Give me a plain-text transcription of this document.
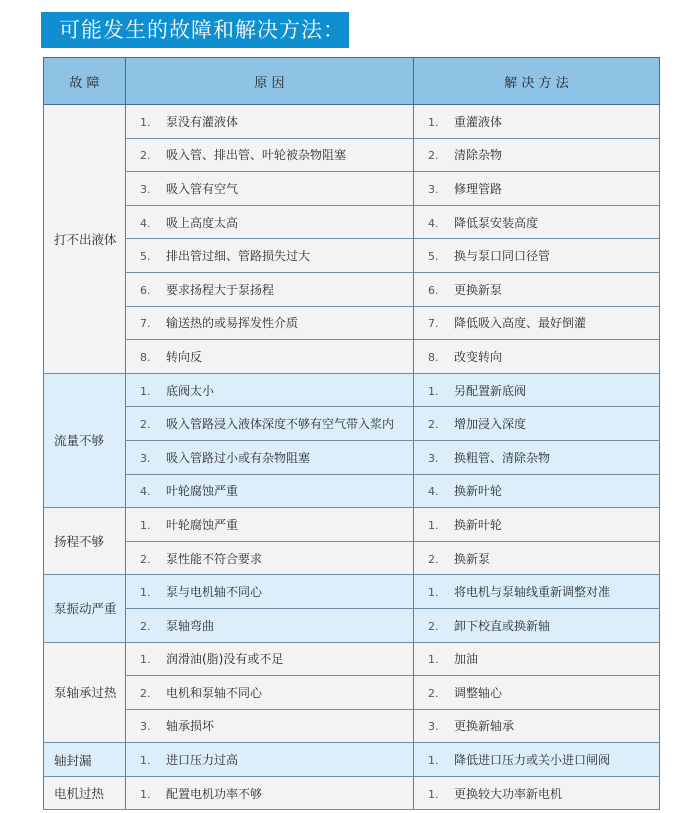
可能发生的故障和解决方法：
故 障	原 因	解 决 方 法
打不出液体	1. 泵没有灌液体	1. 重灌液体
	2. 吸入管、排出管、叶轮被杂物阻塞	2. 清除杂物
	3. 吸入管有空气	3. 修理管路
	4. 吸上高度太高	4. 降低泵安装高度
	5. 排出管过细、管路损失过大	5. 换与泵口同口径管
	6. 要求扬程大于泵扬程	6. 更换新泵
	7. 输送热的或易挥发性介质	7. 降低吸入高度、最好倒灌
	8. 转向反	8. 改变转向
流量不够	1. 底阀太小	1. 另配置新底阀
	2. 吸入管路浸入液体深度不够有空气带入浆内	2. 增加浸入深度
	3. 吸入管路过小或有杂物阻塞	3. 换粗管、清除杂物
	4. 叶轮腐蚀严重	4. 换新叶轮
扬程不够	1. 叶轮腐蚀严重	1. 换新叶轮
	2. 泵性能不符合要求	2. 换新泵
泵振动严重	1. 泵与电机轴不同心	1. 将电机与泵轴线重新调整对准
	2. 泵轴弯曲	2. 卸下校直或换新轴
泵轴承过热	1. 润滑油(脂)没有或不足	1. 加油
	2. 电机和泵轴不同心	2. 调整轴心
	3. 轴承损坏	3. 更换新轴承
轴封漏	1. 进口压力过高	1. 降低进口压力或关小进口闸阀
电机过热	1. 配置电机功率不够	1. 更换较大功率新电机
